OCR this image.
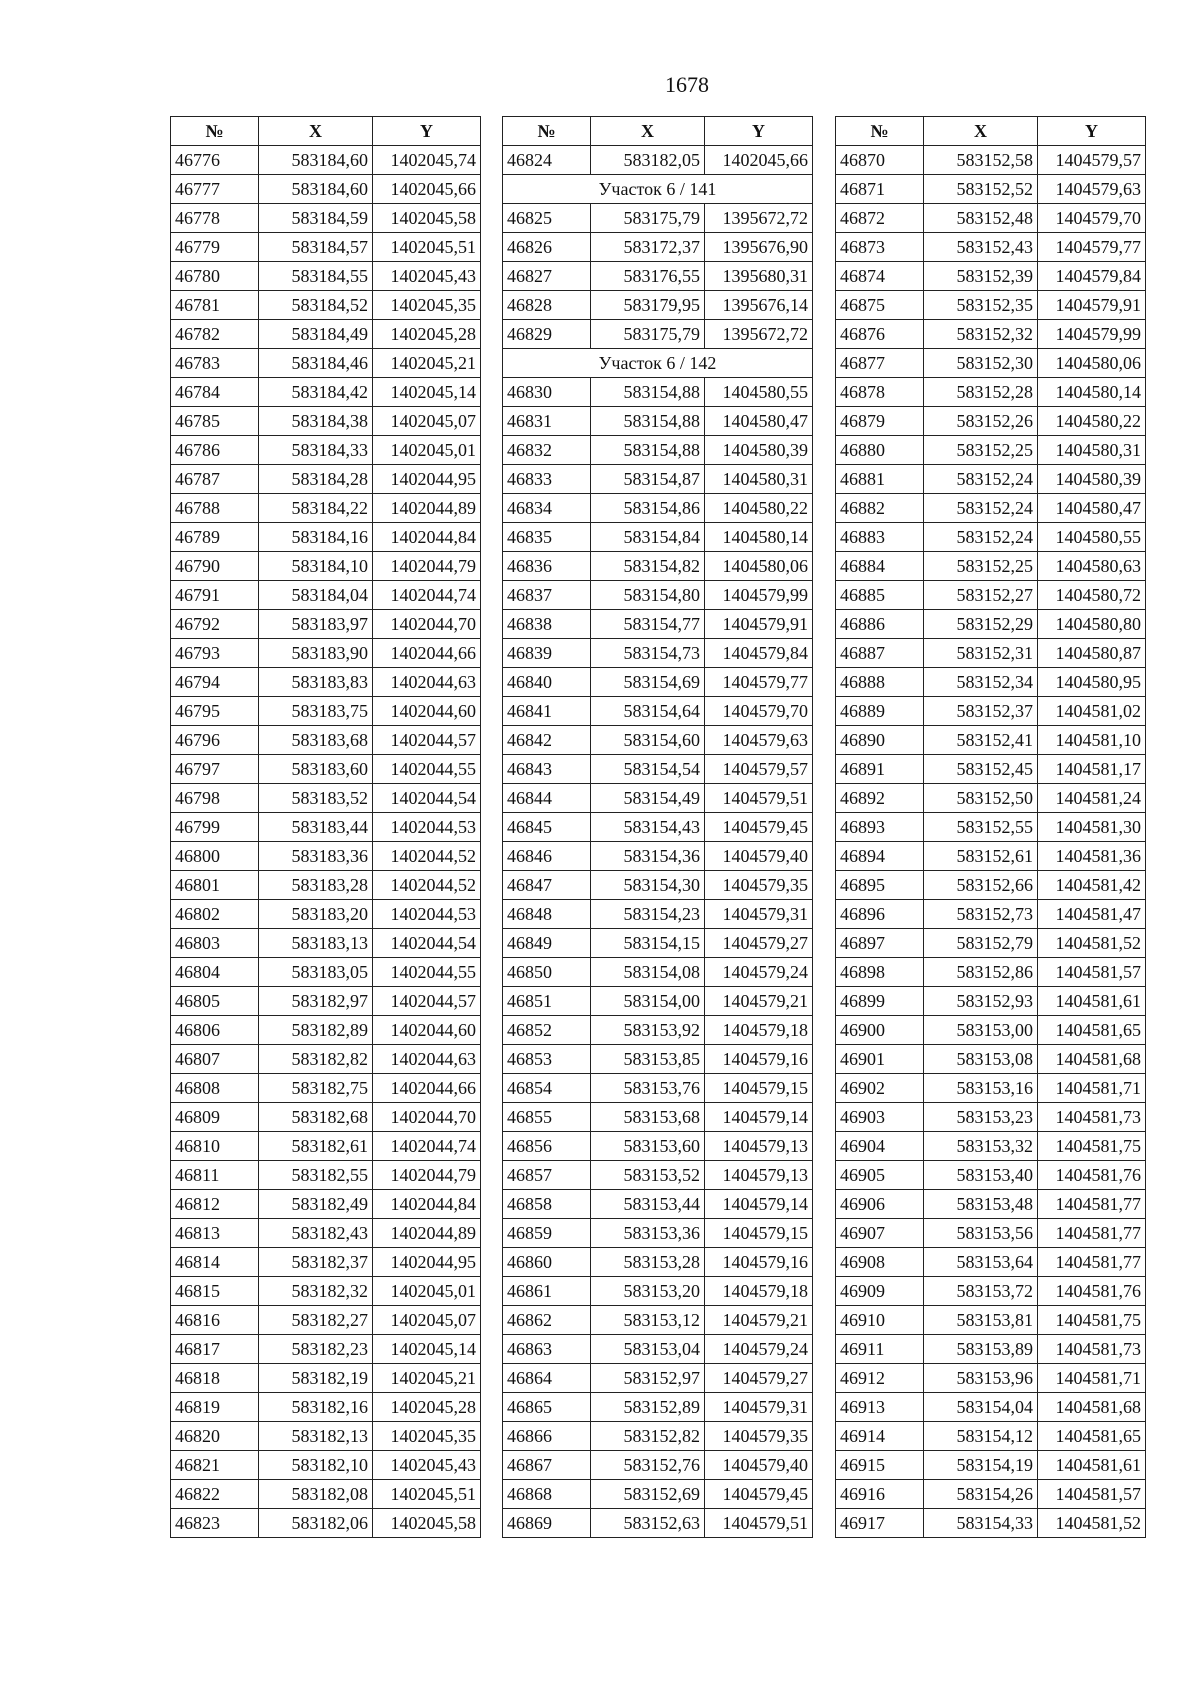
1678
№	X	Y
46776	583184,60	1402045,74
46777	583184,60	1402045,66
46778	583184,59	1402045,58
46779	583184,57	1402045,51
46780	583184,55	1402045,43
46781	583184,52	1402045,35
46782	583184,49	1402045,28
46783	583184,46	1402045,21
46784	583184,42	1402045,14
46785	583184,38	1402045,07
46786	583184,33	1402045,01
46787	583184,28	1402044,95
46788	583184,22	1402044,89
46789	583184,16	1402044,84
46790	583184,10	1402044,79
46791	583184,04	1402044,74
46792	583183,97	1402044,70
46793	583183,90	1402044,66
46794	583183,83	1402044,63
46795	583183,75	1402044,60
46796	583183,68	1402044,57
46797	583183,60	1402044,55
46798	583183,52	1402044,54
46799	583183,44	1402044,53
46800	583183,36	1402044,52
46801	583183,28	1402044,52
46802	583183,20	1402044,53
46803	583183,13	1402044,54
46804	583183,05	1402044,55
46805	583182,97	1402044,57
46806	583182,89	1402044,60
46807	583182,82	1402044,63
46808	583182,75	1402044,66
46809	583182,68	1402044,70
46810	583182,61	1402044,74
46811	583182,55	1402044,79
46812	583182,49	1402044,84
46813	583182,43	1402044,89
46814	583182,37	1402044,95
46815	583182,32	1402045,01
46816	583182,27	1402045,07
46817	583182,23	1402045,14
46818	583182,19	1402045,21
46819	583182,16	1402045,28
46820	583182,13	1402045,35
46821	583182,10	1402045,43
46822	583182,08	1402045,51
46823	583182,06	1402045,58
№	X	Y
46824	583182,05	1402045,66
Участок 6 / 141		
46825	583175,79	1395672,72
46826	583172,37	1395676,90
46827	583176,55	1395680,31
46828	583179,95	1395676,14
46829	583175,79	1395672,72
Участок 6 / 142		
46830	583154,88	1404580,55
46831	583154,88	1404580,47
46832	583154,88	1404580,39
46833	583154,87	1404580,31
46834	583154,86	1404580,22
46835	583154,84	1404580,14
46836	583154,82	1404580,06
46837	583154,80	1404579,99
46838	583154,77	1404579,91
46839	583154,73	1404579,84
46840	583154,69	1404579,77
46841	583154,64	1404579,70
46842	583154,60	1404579,63
46843	583154,54	1404579,57
46844	583154,49	1404579,51
46845	583154,43	1404579,45
46846	583154,36	1404579,40
46847	583154,30	1404579,35
46848	583154,23	1404579,31
46849	583154,15	1404579,27
46850	583154,08	1404579,24
46851	583154,00	1404579,21
46852	583153,92	1404579,18
46853	583153,85	1404579,16
46854	583153,76	1404579,15
46855	583153,68	1404579,14
46856	583153,60	1404579,13
46857	583153,52	1404579,13
46858	583153,44	1404579,14
46859	583153,36	1404579,15
46860	583153,28	1404579,16
46861	583153,20	1404579,18
46862	583153,12	1404579,21
46863	583153,04	1404579,24
46864	583152,97	1404579,27
46865	583152,89	1404579,31
46866	583152,82	1404579,35
46867	583152,76	1404579,40
46868	583152,69	1404579,45
46869	583152,63	1404579,51
№	X	Y
46870	583152,58	1404579,57
46871	583152,52	1404579,63
46872	583152,48	1404579,70
46873	583152,43	1404579,77
46874	583152,39	1404579,84
46875	583152,35	1404579,91
46876	583152,32	1404579,99
46877	583152,30	1404580,06
46878	583152,28	1404580,14
46879	583152,26	1404580,22
46880	583152,25	1404580,31
46881	583152,24	1404580,39
46882	583152,24	1404580,47
46883	583152,24	1404580,55
46884	583152,25	1404580,63
46885	583152,27	1404580,72
46886	583152,29	1404580,80
46887	583152,31	1404580,87
46888	583152,34	1404580,95
46889	583152,37	1404581,02
46890	583152,41	1404581,10
46891	583152,45	1404581,17
46892	583152,50	1404581,24
46893	583152,55	1404581,30
46894	583152,61	1404581,36
46895	583152,66	1404581,42
46896	583152,73	1404581,47
46897	583152,79	1404581,52
46898	583152,86	1404581,57
46899	583152,93	1404581,61
46900	583153,00	1404581,65
46901	583153,08	1404581,68
46902	583153,16	1404581,71
46903	583153,23	1404581,73
46904	583153,32	1404581,75
46905	583153,40	1404581,76
46906	583153,48	1404581,77
46907	583153,56	1404581,77
46908	583153,64	1404581,77
46909	583153,72	1404581,76
46910	583153,81	1404581,75
46911	583153,89	1404581,73
46912	583153,96	1404581,71
46913	583154,04	1404581,68
46914	583154,12	1404581,65
46915	583154,19	1404581,61
46916	583154,26	1404581,57
46917	583154,33	1404581,52
